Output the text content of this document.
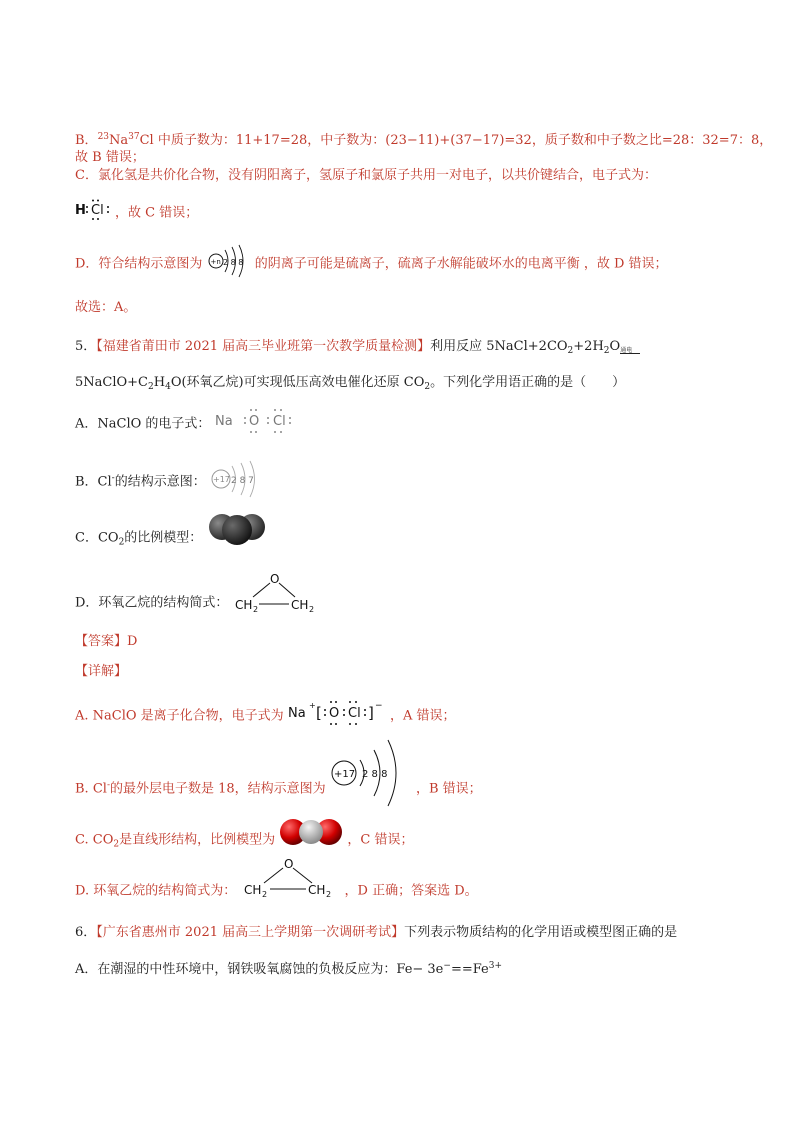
B．$^{23}$Na$^{37}$Cl 中质子数为：11+17=28，中子数为：(23−11)+(37−17)=32，质子数和中子数之比=28：32=7：8，
故 B 错误；
C．氯化氢是共价化合物，没有阴阳离子，氢原子和氯原子共用一对电子，以共价键结合，电子式为：
H Cl ，故 C 错误；
D．符合结构示意图为 +n 2 8 8 的阴离子可能是硫离子，硫离子水解能破坏水的电离平衡 ，故 D 错误；
故选：A。
5．【福建省莆田市 2021 届高三毕业班第一次教学质量检测】利用反应 $5NaCl+2CO_2+2H_2O$ 通电
$5NaClO+C_2H_4O$(环氧乙烷)可实现低压高效电催化还原 $CO_2$。下列化学用语正确的是（　　）
A．NaClO 的电子式： Na O Cl
B．Cl-的结构示意图： +17 2 8 7
C．$CO_2$的比例模型：
D．环氧乙烷的结构简式：
O
CH 2	CH 2
【答案】D
【详解】
A. NaClO 是离子化合物，电子式为 Na
+ [ O Cl ] −
，A 错误；
B. Cl-的最外层电子数是 18，结构示意图为
+17 2 8 8
，B 错误；
C. $CO_2$是直线形结构，比例模型为	，C 错误；
D. 环氧乙烷的结构简式为：
O
CH 2	CH 2 ，D 正确；答案选 D。
6．【广东省惠州市 2021 届高三上学期第一次调研考试】下列表示物质结构的化学用语或模型图正确的是
A．在潮湿的中性环境中，钢铁吸氧腐蚀的负极反应为：$Fe- 3e^-==Fe^{3+}$
